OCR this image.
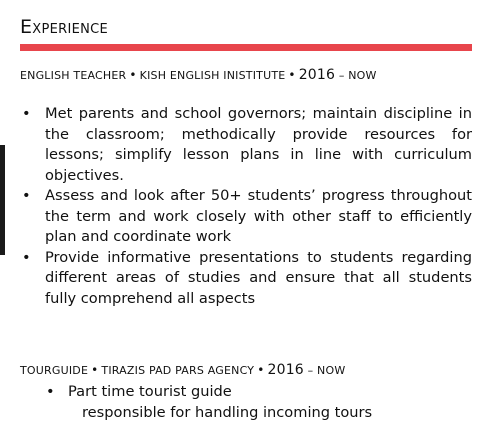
Experience
ENGLISH TEACHER • KISH ENGLISH INISTITUTE • 2016 – NOW
• Met parents and school governors; maintain discipline in the classroom; methodically provide resources for lessons; simplify lesson plans in line with curriculum objectives.
• Assess and look after 50+ students’ progress throughout the term and work closely with other staff to efficiently plan and coordinate work
• Provide informative presentations to students regarding different areas of studies and ensure that all students fully comprehend all aspects
TOURGUIDE • TIRAZIS PAD PARS AGENCY • 2016 – NOW
• Part time tourist guide
responsible for handling incoming tours
